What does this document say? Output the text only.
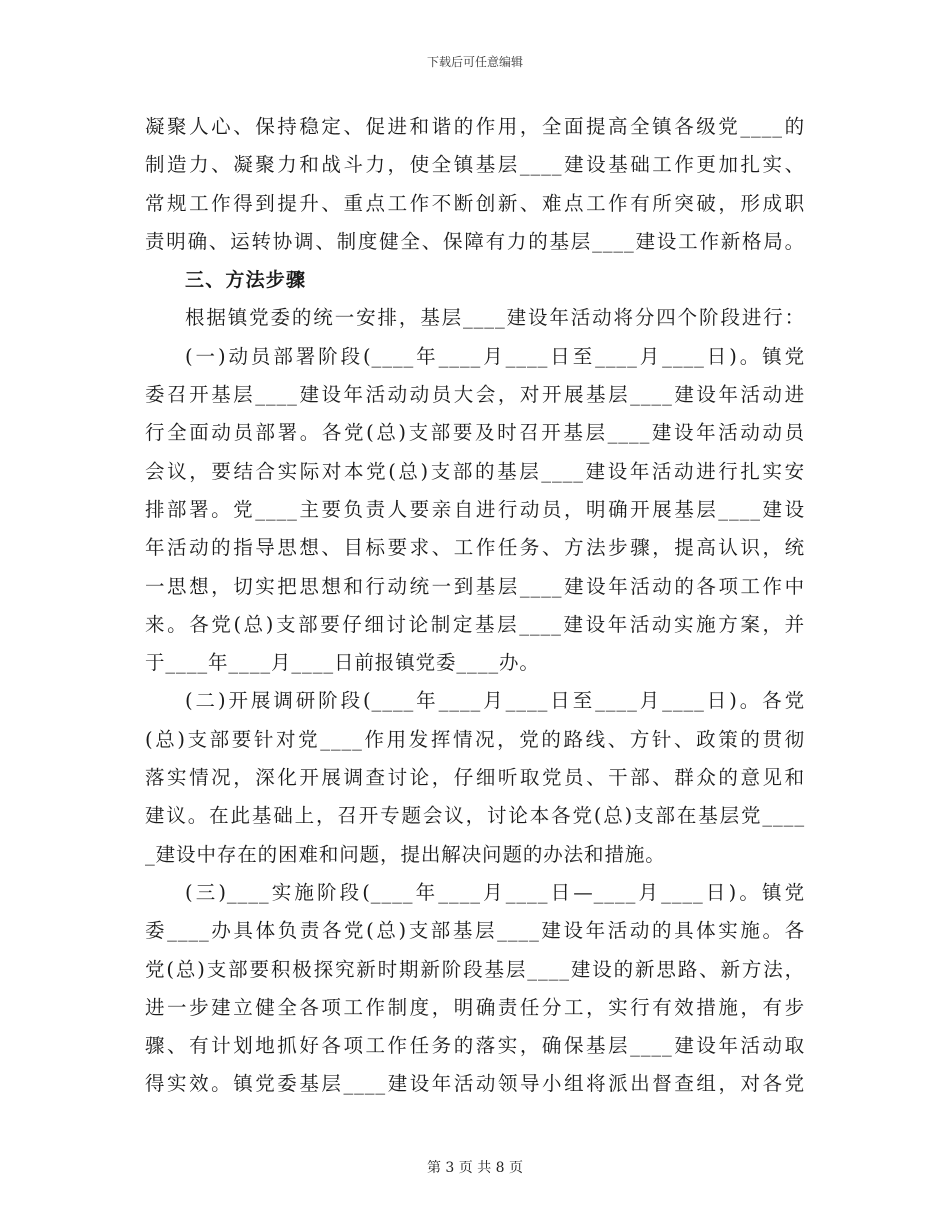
下载后可任意编辑
凝聚人心、保持稳定、促进和谐的作用，全面提高全镇各级党____的
制造力、凝聚力和战斗力，使全镇基层____建设基础工作更加扎实、
常规工作得到提升、重点工作不断创新、难点工作有所突破，形成职
责明确、运转协调、制度健全、保障有力的基层____建设工作新格局。
三、方法步骤
根据镇党委的统一安排，基层____建设年活动将分四个阶段进行：
(一)动员部署阶段(____年____月____日至____月____日)。镇党
委召开基层____建设年活动动员大会，对开展基层____建设年活动进
行全面动员部署。各党(总)支部要及时召开基层____建设年活动动员
会议，要结合实际对本党(总)支部的基层____建设年活动进行扎实安
排部署。党____主要负责人要亲自进行动员，明确开展基层____建设
年活动的指导思想、目标要求、工作任务、方法步骤，提高认识，统
一思想，切实把思想和行动统一到基层____建设年活动的各项工作中
来。各党(总)支部要仔细讨论制定基层____建设年活动实施方案，并
于____年____月____日前报镇党委____办。
(二)开展调研阶段(____年____月____日至____月____日)。各党
(总)支部要针对党____作用发挥情况，党的路线、方针、政策的贯彻
落实情况，深化开展调查讨论，仔细听取党员、干部、群众的意见和
建议。在此基础上，召开专题会议，讨论本各党(总)支部在基层党____
_建设中存在的困难和问题，提出解决问题的办法和措施。
(三)____实施阶段(____年____月____日—____月____日)。镇党
委____办具体负责各党(总)支部基层____建设年活动的具体实施。各
党(总)支部要积极探究新时期新阶段基层____建设的新思路、新方法，
进一步建立健全各项工作制度，明确责任分工，实行有效措施，有步
骤、有计划地抓好各项工作任务的落实，确保基层____建设年活动取
得实效。镇党委基层____建设年活动领导小组将派出督查组，对各党
第 3 页 共 8 页
